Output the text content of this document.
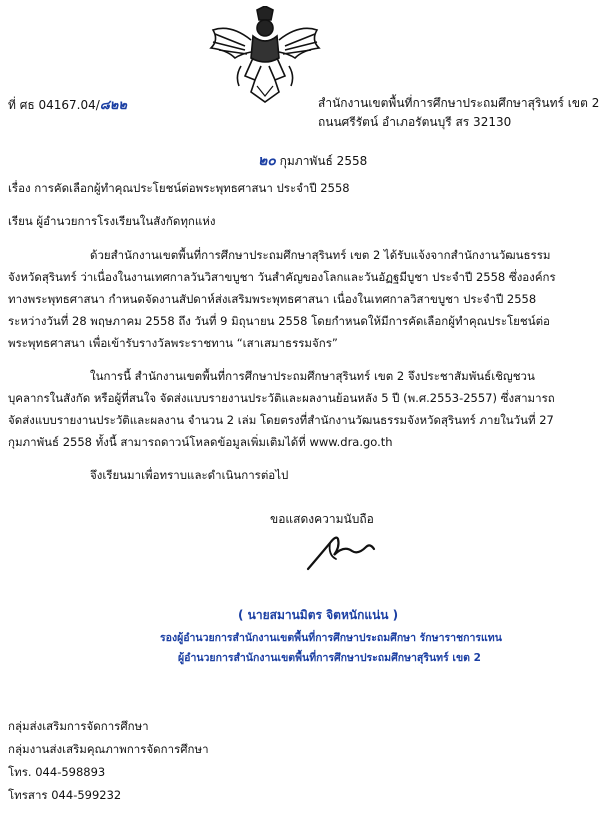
ที่ ศธ 04167.04/๘๒๒	สำนักงานเขตพื้นที่การศึกษาประถมศึกษาสุรินทร์ เขต 2
ถนนศรีรัตน์ อำเภอรัตนบุรี สร 32130
๒๐ กุมภาพันธ์ 2558
เรื่อง การคัดเลือกผู้ทำคุณประโยชน์ต่อพระพุทธศาสนา ประจำปี 2558
เรียน ผู้อำนวยการโรงเรียนในสังกัดทุกแห่ง
ด้วยสำนักงานเขตพื้นที่การศึกษาประถมศึกษาสุรินทร์ เขต 2 ได้รับแจ้งจากสำนักงานวัฒนธรรม
จังหวัดสุรินทร์ ว่าเนื่องในงานเทศกาลวันวิสาขบูชา วันสำคัญของโลกและวันอัฏฐมีบูชา ประจำปี 2558 ซึ่งองค์กร
ทางพระพุทธศาสนา กำหนดจัดงานสัปดาห์ส่งเสริมพระพุทธศาสนา เนื่องในเทศกาลวิสาขบูชา ประจำปี 2558
ระหว่างวันที่ 28 พฤษภาคม 2558 ถึง วันที่ 9 มิถุนายน 2558 โดยกำหนดให้มีการคัดเลือกผู้ทำคุณประโยชน์ต่อ
พระพุทธศาสนา เพื่อเข้ารับรางวัลพระราชทาน “เสาเสมาธรรมจักร”
ในการนี้ สำนักงานเขตพื้นที่การศึกษาประถมศึกษาสุรินทร์ เขต 2 จึงประชาสัมพันธ์เชิญชวน
บุคลากรในสังกัด หรือผู้ที่สนใจ จัดส่งแบบรายงานประวัติและผลงานย้อนหลัง 5 ปี (พ.ศ.2553-2557) ซึ่งสามารถ
จัดส่งแบบรายงานประวัติและผลงาน จำนวน 2 เล่ม โดยตรงที่สำนักงานวัฒนธรรมจังหวัดสุรินทร์ ภายในวันที่ 27
กุมภาพันธ์ 2558 ทั้งนี้ สามารถดาวน์โหลดข้อมูลเพิ่มเติมได้ที่ www.dra.go.th
จึงเรียนมาเพื่อทราบและดำเนินการต่อไป
ขอแสดงความนับถือ
( นายสมานมิตร จิตหนักแน่น )
รองผู้อำนวยการสำนักงานเขตพื้นที่การศึกษาประถมศึกษา รักษาราชการแทน
ผู้อำนวยการสำนักงานเขตพื้นที่การศึกษาประถมศึกษาสุรินทร์ เขต 2
กลุ่มส่งเสริมการจัดการศึกษา
กลุ่มงานส่งเสริมคุณภาพการจัดการศึกษา
โทร. 044-598893
โทรสาร 044-599232
